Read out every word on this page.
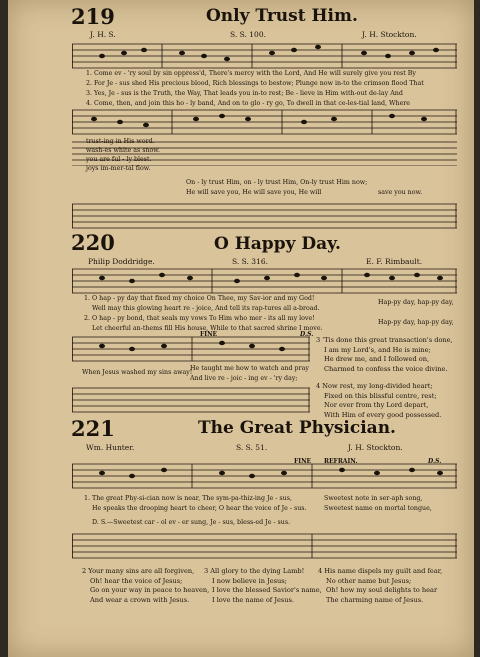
219	Only Trust Him.
J. H. S.	S. S. 100.	J. H. Stockton.
1. Come ev - 'ry soul by sin oppress'd, There's mercy with the Lord, And He will surely give you rest By
2. For Je - sus shed His precious blood, Rich blessings to bestow; Plunge now in-to the crimson flood That
3. Yes, Je - sus is the Truth, the Way, That leads you in-to rest; Be - lieve in Him with-out de-lay And
4. Come, then, and join this ho - ly band, And on to glo - ry go, To dwell in that ce-les-tial land, Where
trust-ing in His word.
wash-es white as snow.
you are ful - ly blest.
joys im-mer-tal flow.
On - ly trust Him, on - ly trust Him, On-ly trust Him now;
He will save you, He will save you, He will	save you now.
220	O Happy Day.
Philip Doddridge.	S. S. 316.	E. F. Rimbault.
1. O hap - py day that fixed my choice On Thee, my Sav-ior and my God!
Well may this glowing heart re - joice, And tell its rap-tures all a-broad.
2. O hap - py bond, that seals my vows To Him who mer - its all my love!
Let cheerful an-thems fill His house, While to that sacred shrine I move.
Hap-py day, hap-py day,
Hap-py day, hap-py day,
FINE	D.S.
When Jesus washed my sins away!
He taught me how to watch and pray
And live re - joic - ing ev - 'ry day;
3 'Tis done this great transaction's done,
I am my Lord's, and He is mine;
He drew me, and I followed on,
Charmed to confess the voice divine.
4 Now rest, my long-divided heart;
Fixed on this blissful centre, rest;
Nor ever from thy Lord depart,
With Him of every good possessed.
221	The Great Physician.
Wm. Hunter.	S. S. 51.	J. H. Stockton.
FINE REFRAIN.	D.S.
1. The great Phy-si-cian now is near, The sym-pa-thiz-ing Je - sus,
He speaks the drooping heart to cheer, O hear the voice of Je - sus.
D. S.—Sweetest car - ol ev - er sung, Je - sus, bless-ed Je - sus.
Sweetest note in ser-aph song,
Sweetest name on mortal tongue,
2 Your many sins are all forgiven,
Oh! hear the voice of Jesus;
Go on your way in peace to heaven,
And wear a crown with Jesus.
3 All glory to the dying Lamb!
I now believe in Jesus;
I love the blessed Savior's name,
I love the name of Jesus.
4 His name dispels my guilt and fear,
No other name but Jesus;
Oh! how my soul delights to hear
The charming name of Jesus.
